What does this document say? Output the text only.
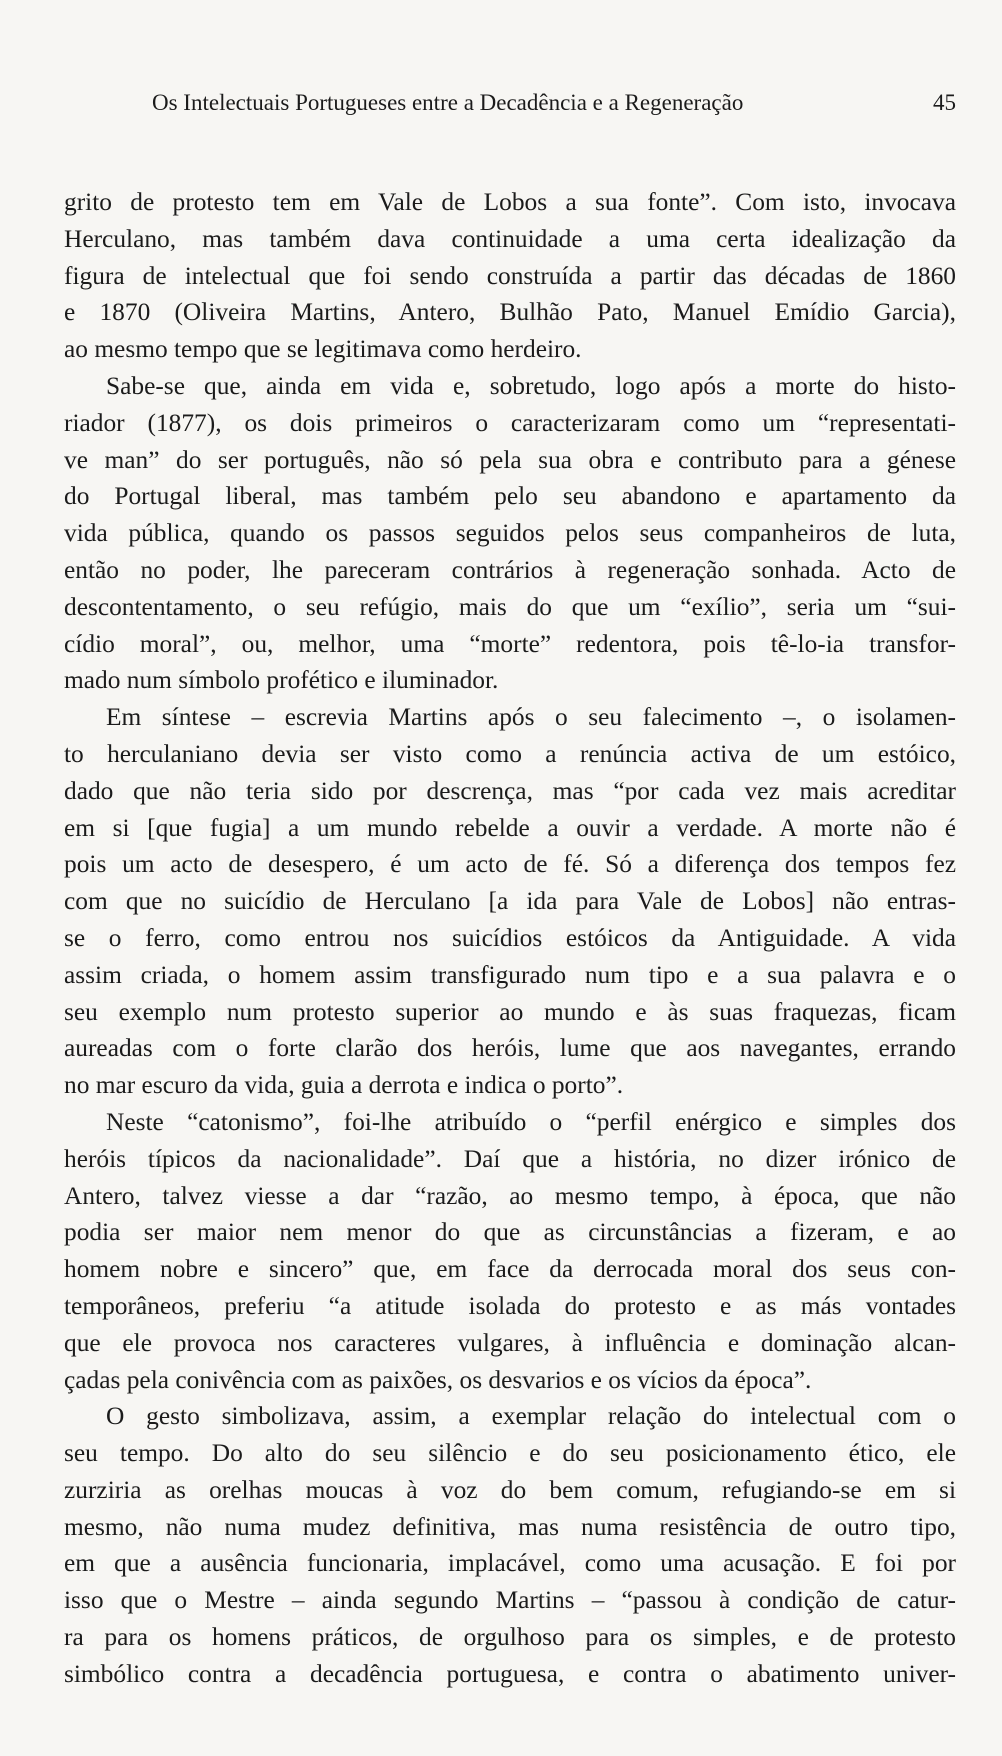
Os Intelectuais Portugueses entre a Decadência e a Regeneração	45
grito de protesto tem em Vale de Lobos a sua fonte”. Com isto, invocava
Herculano, mas também dava continuidade a uma certa idealização da
figura de intelectual que foi sendo construída a partir das décadas de 1860
e 1870 (Oliveira Martins, Antero, Bulhão Pato, Manuel Emídio Garcia),
ao mesmo tempo que se legitimava como herdeiro.
Sabe-se que, ainda em vida e, sobretudo, logo após a morte do histo-
riador (1877), os dois primeiros o caracterizaram como um “representati-
ve man” do ser português, não só pela sua obra e contributo para a génese
do Portugal liberal, mas também pelo seu abandono e apartamento da
vida pública, quando os passos seguidos pelos seus companheiros de luta,
então no poder, lhe pareceram contrários à regeneração sonhada. Acto de
descontentamento, o seu refúgio, mais do que um “exílio”, seria um “sui-
cídio moral”, ou, melhor, uma “morte” redentora, pois tê-lo-ia transfor-
mado num símbolo profético e iluminador.
Em síntese – escrevia Martins após o seu falecimento –, o isolamen-
to herculaniano devia ser visto como a renúncia activa de um estóico,
dado que não teria sido por descrença, mas “por cada vez mais acreditar
em si [que fugia] a um mundo rebelde a ouvir a verdade. A morte não é
pois um acto de desespero, é um acto de fé. Só a diferença dos tempos fez
com que no suicídio de Herculano [a ida para Vale de Lobos] não entras-
se o ferro, como entrou nos suicídios estóicos da Antiguidade. A vida
assim criada, o homem assim transfigurado num tipo e a sua palavra e o
seu exemplo num protesto superior ao mundo e às suas fraquezas, ficam
aureadas com o forte clarão dos heróis, lume que aos navegantes, errando
no mar escuro da vida, guia a derrota e indica o porto”.
Neste “catonismo”, foi-lhe atribuído o “perfil enérgico e simples dos
heróis típicos da nacionalidade”. Daí que a história, no dizer irónico de
Antero, talvez viesse a dar “razão, ao mesmo tempo, à época, que não
podia ser maior nem menor do que as circunstâncias a fizeram, e ao
homem nobre e sincero” que, em face da derrocada moral dos seus con-
temporâneos, preferiu “a atitude isolada do protesto e as más vontades
que ele provoca nos caracteres vulgares, à influência e dominação alcan-
çadas pela conivência com as paixões, os desvarios e os vícios da época”.
O gesto simbolizava, assim, a exemplar relação do intelectual com o
seu tempo. Do alto do seu silêncio e do seu posicionamento ético, ele
zurziria as orelhas moucas à voz do bem comum, refugiando-se em si
mesmo, não numa mudez definitiva, mas numa resistência de outro tipo,
em que a ausência funcionaria, implacável, como uma acusação. E foi por
isso que o Mestre – ainda segundo Martins – “passou à condição de catur-
ra para os homens práticos, de orgulhoso para os simples, e de protesto
simbólico contra a decadência portuguesa, e contra o abatimento univer-
